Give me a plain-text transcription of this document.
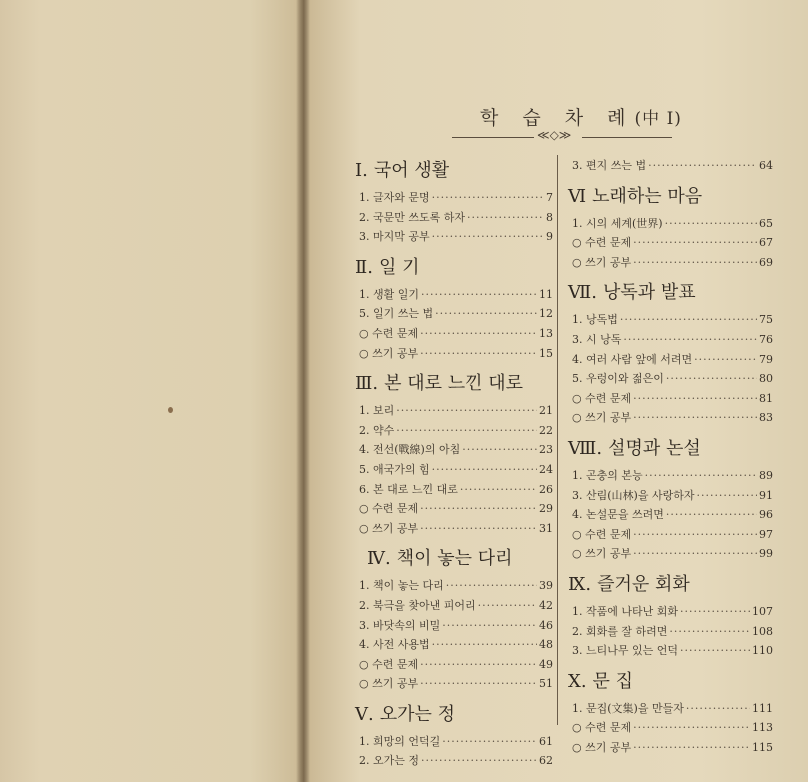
학 습 차 례(中 I)
≪◇≫
Ⅰ. 국어 생활
1. 글자와 문명 ·····	7
2. 국문만 쓰도록 하자 ·····	8
3. 마지막 공부 ·····	9
Ⅱ. 일 기
1. 생활 일기 ·····	11
5. 일기 쓰는 법 ·····	12
○ 수련 문제 ·····	13
○ 쓰기 공부 ·····	15
Ⅲ. 본 대로 느낀 대로
1. 보리 ·····	21
2. 약수 ·····	22
4. 전선(戰線)의 아침 ·····	23
5. 애국가의 힘 ·····	24
6. 본 대로 느낀 대로 ·····	26
○ 수련 문제 ·····	29
○ 쓰기 공부 ·····	31
Ⅳ. 책이 놓는 다리
1. 책이 놓는 다리 ·····	39
2. 북극을 찾아낸 피어리 ·····	42
3. 바닷속의 비밀 ·····	46
4. 사전 사용법 ·····	48
○ 수련 문제 ·····	49
○ 쓰기 공부 ·····	51
Ⅴ. 오가는 정
1. 희망의 언덕길 ·····	61
2. 오가는 정 ·····	62
3. 편지 쓰는 법 ·····	64
Ⅵ 노래하는 마음
1. 시의 세계(世界) ·····	65
○ 수련 문제 ·····	67
○ 쓰기 공부 ·····	69
Ⅶ. 낭독과 발표
1. 낭독법 ·····	75
3. 시 낭독 ·····	76
4. 여러 사람 앞에 서려면 ·····	79
5. 우렁이와 젊은이 ·····	80
○ 수련 문제 ·····	81
○ 쓰기 공부 ·····	83
Ⅷ. 설명과 논설
1. 곤충의 본능 ·····	89
3. 산림(山林)을 사랑하자 ·····	91
4. 논설문을 쓰려면 ·····	96
○ 수련 문제 ·····	97
○ 쓰기 공부 ·····	99
Ⅸ. 즐거운 회화
1. 작품에 나타난 회화 ·····	107
2. 회화를 잘 하려면 ·····	108
3. 느티나무 있는 언덕 ·····	110
Ⅹ. 문 집
1. 문집(文集)을 만들자 ·····	111
○ 수련 문제 ·····	113
○ 쓰기 공부 ·····	115
